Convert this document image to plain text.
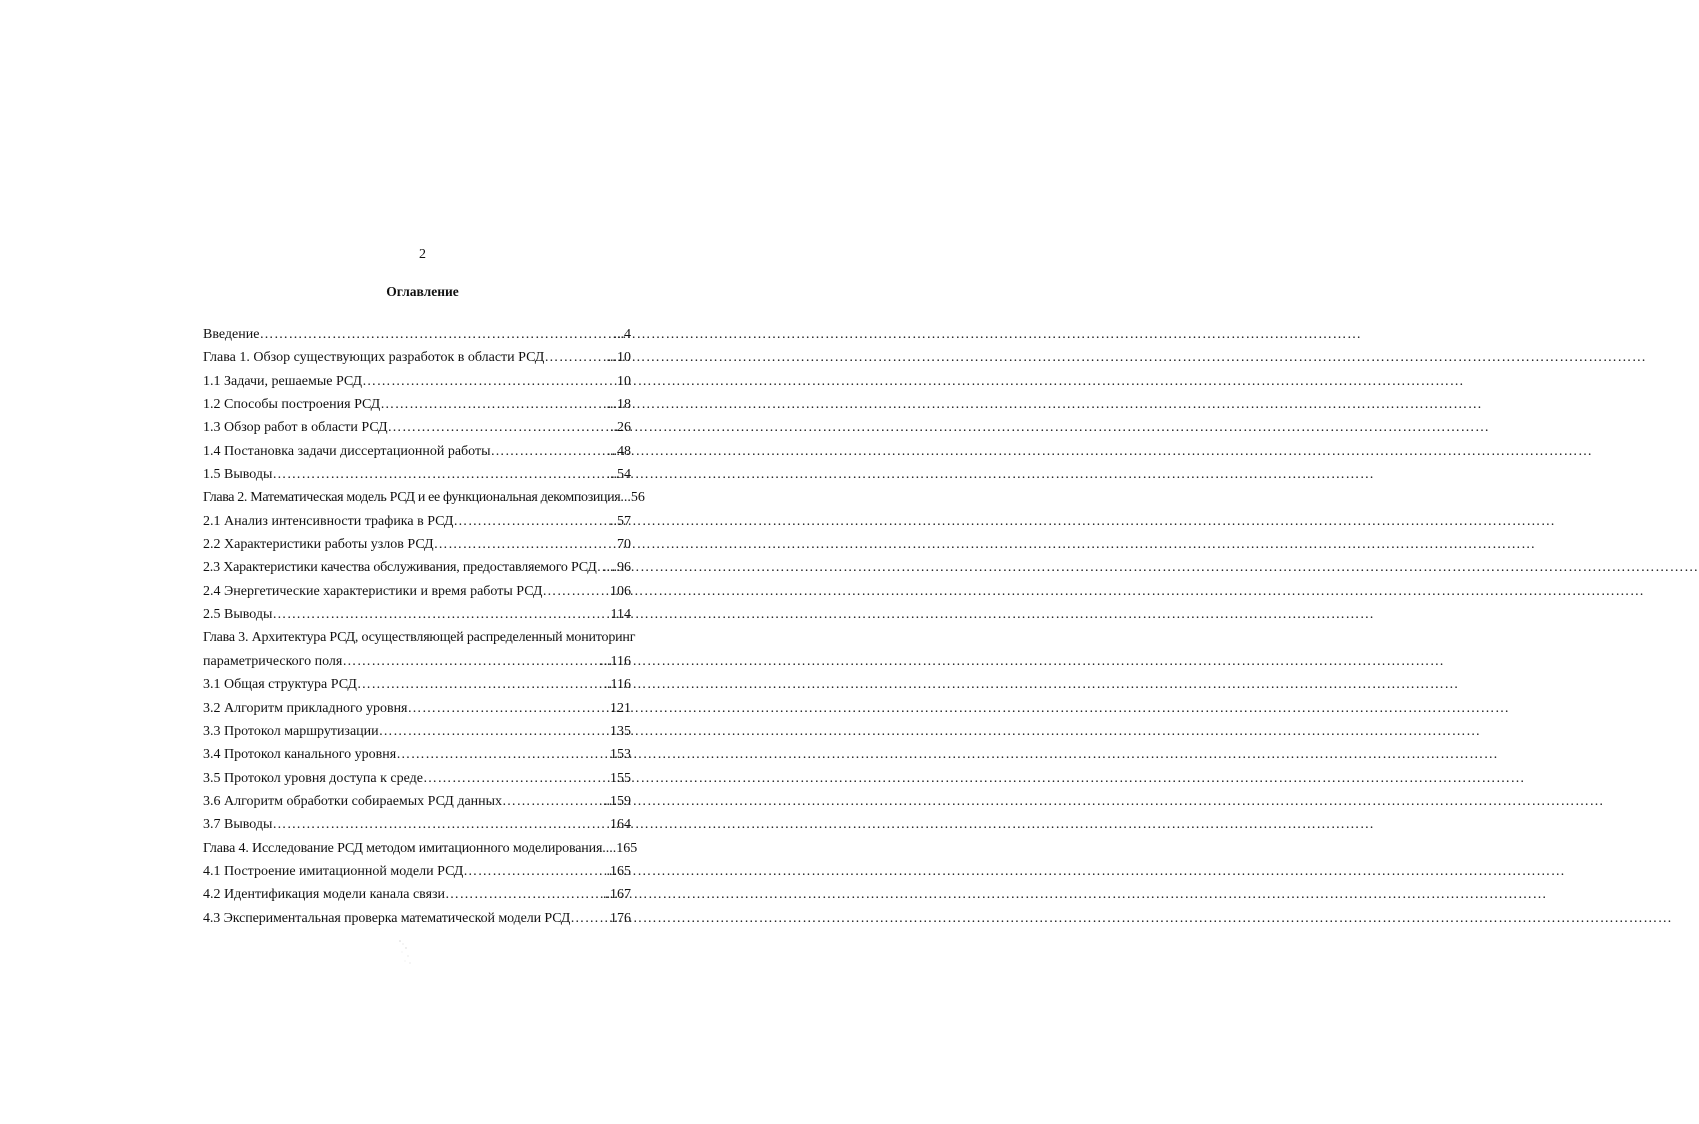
2
Оглавление
Введение …………………………………………………………………………………………………………………………………………………………………………………………………………	...4
Глава 1. Обзор существующих разработок в области РСД …………………………………………………………………………………………………………………………………………………………………………………………………………	...10
1.1 Задачи, решаемые РСД …………………………………………………………………………………………………………………………………………………………………………………………………………	10
1.2 Способы построения РСД …………………………………………………………………………………………………………………………………………………………………………………………………………	...18
1.3 Обзор работ в области РСД …………………………………………………………………………………………………………………………………………………………………………………………………………	..26
1.4 Постановка задачи диссертационной работы …………………………………………………………………………………………………………………………………………………………………………………………………………	...48
1.5 Выводы …………………………………………………………………………………………………………………………………………………………………………………………………………	...54
Глава 2. Математическая модель РСД и ее функциональная декомпозиция ...56
2.1 Анализ интенсивности трафика в РСД …………………………………………………………………………………………………………………………………………………………………………………………………………	..57
2.2 Характеристики работы узлов РСД …………………………………………………………………………………………………………………………………………………………………………………………………………	70
2.3 Характеристики качества обслуживания, предоставляемого РСД ………………………………………………………………………………………………………………………………………………………………………………………………………… ....96
2.4 Энергетические характеристики и время работы РСД …………………………………………………………………………………………………………………………………………………………………………………………………………	106
2.5 Выводы …………………………………………………………………………………………………………………………………………………………………………………………………………	114
Глава 3. Архитектура РСД, осуществляющей распределенный мониторинг
параметрического поля …………………………………………………………………………………………………………………………………………………………………………………………………………	...116
3.1 Общая структура РСД …………………………………………………………………………………………………………………………………………………………………………………………………………	..116
3.2 Алгоритм прикладного уровня …………………………………………………………………………………………………………………………………………………………………………………………………………	121
3.3 Протокол маршрутизации …………………………………………………………………………………………………………………………………………………………………………………………………………	135
3.4 Протокол канального уровня …………………………………………………………………………………………………………………………………………………………………………………………………………	153
3.5 Протокол уровня доступа к среде …………………………………………………………………………………………………………………………………………………………………………………………………………	155
3.6 Алгоритм обработки собираемых РСД данных …………………………………………………………………………………………………………………………………………………………………………………………………………	..159
3.7 Выводы …………………………………………………………………………………………………………………………………………………………………………………………………………	164
Глава 4. Исследование РСД методом имитационного моделирования ....165
4.1 Построение имитационной модели РСД …………………………………………………………………………………………………………………………………………………………………………………………………………	.165
4.2 Идентификация модели канала связи …………………………………………………………………………………………………………………………………………………………………………………………………………	..167
4.3 Экспериментальная проверка математической модели РСД …………………………………………………………………………………………………………………………………………………………………………………………………………	176
